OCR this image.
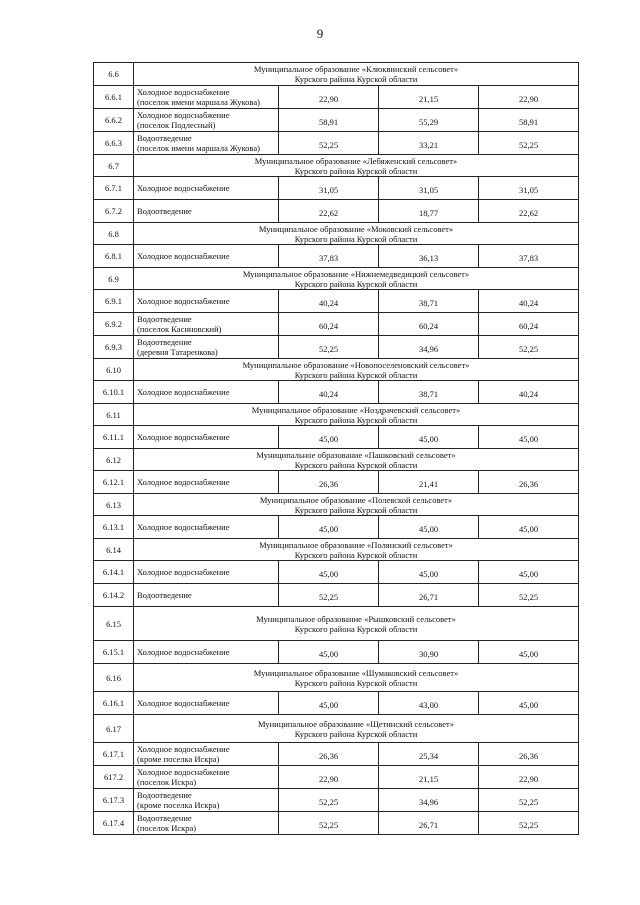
9
6.6	Муниципальное образование «Клюквинский сельсовет»
Курского района Курской области			

6.6.1	Холодное водоснабжение
(поселок имени маршала Жукова)	22,90	21,15	22,90

6.6.2	Холодное водоснабжение
(поселок Подлесный)	58,91	55,29	58,91

6.6.3	Водоотведение
(поселок имени маршала Жукова)	52,25	33,21	52,25

6.7	Муниципальное образование «Лебяженский сельсовет»
Курского района Курской области			

6.7.1	Холодное водоснабжение	31,05	31,05	31,05

6.7.2	Водоотведение	22,62	18,77	22,62

6.8	Муниципальное образование «Моковский сельсовет»
Курского района Курской области			

6.8.1	Холодное водоснабжение	37,83	36,13	37,83

6.9	Муниципальное образование «Нижнемедведицкий сельсовет»
Курского района Курской области			

6.9.1	Холодное водоснабжение	40,24	38,71	40,24

6.9.2	Водоотведение
(поселок Касиновский)	60,24	60,24	60,24

6.9.3	Водоотведение
(деревня Татаренкова)	52,25	34,96	52,25

6.10	Муниципальное образование «Новопоселеновский сельсовет»
Курского района Курской области			

6.10.1	Холодное водоснабжение	40,24	38,71	40,24

6.11	Муниципальное образование «Ноздрачевский сельсовет»
Курского района Курской области			

6.11.1	Холодное водоснабжение	45,00	45,00	45,00

6.12	Муниципальное образование «Пашковский сельсовет»
Курского района Курской области			

6.12.1	Холодное водоснабжение	26,36	21,41	26,36

6.13	Муниципальное образование «Полевской сельсовет»
Курского района Курской области			

6.13.1	Холодное водоснабжение	45,00	45,00	45,00

6.14	Муниципальное образование «Полянский сельсовет»
Курского района Курской области			

6.14.1	Холодное водоснабжение	45,00	45,00	45,00

6.14.2	Водоотведение	52,25	26,71	52,25

6.15	Муниципальное образование «Рышковский сельсовет»
Курского района Курской области			

6.15.1	Холодное водоснабжение	45,00	30,90	45,00

6.16	Муниципальное образование «Шумаковский сельсовет»
Курского района Курской области			

6.16.1	Холодное водоснабжение	45,00	43,00	45,00

6.17	Муниципальное образование «Щетинский сельсовет»
Курского района Курской области			

6.17.1	Холодное водоснабжение
(кроме поселка Искра)	26,36	25,34	26,36

617.2	Холодное водоснабжение
(поселок Искра)	22,90	21,15	22,90

6.17.3	Водоотведение
(кроме поселка Искра)	52,25	34,96	52,25

6.17.4	Водоотведение
(поселок Искра)	52,25	26,71	52,25
